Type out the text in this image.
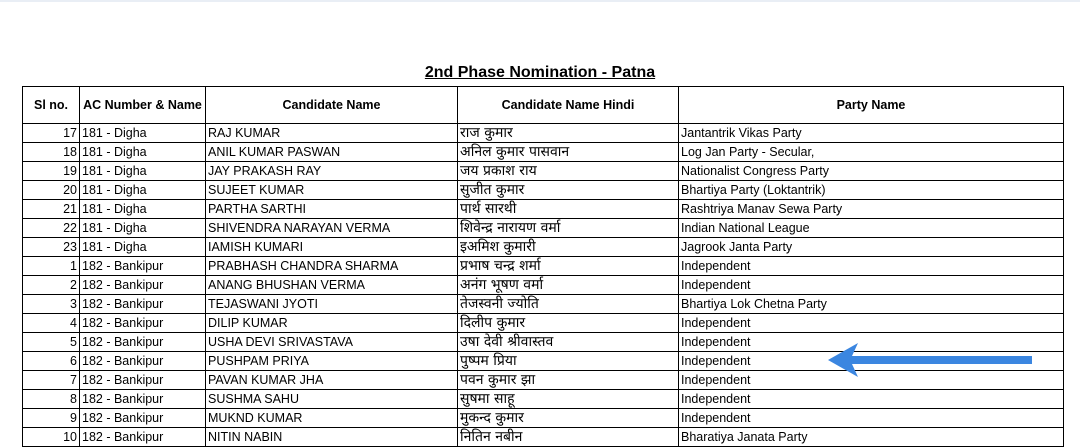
2nd Phase Nomination - Patna
Sl no.	AC Number & Name	Candidate Name	Candidate Name Hindi	Party Name
17	181 - Digha	RAJ KUMAR	राज कुमार	Jantantrik Vikas Party
18	181 - Digha	ANIL KUMAR PASWAN	अनिल कुमार पासवान	Log Jan Party - Secular,
19	181 - Digha	JAY PRAKASH RAY	जय प्रकाश राय	Nationalist Congress Party
20	181 - Digha	SUJEET KUMAR	सुजीत कुमार	Bhartiya Party (Loktantrik)
21	181 - Digha	PARTHA SARTHI	पार्थ सारथी	Rashtriya Manav Sewa Party
22	181 - Digha	SHIVENDRA NARAYAN VERMA	शिवेन्द्र नारायण वर्मा	Indian National League
23	181 - Digha	IAMISH KUMARI	इअमिश कुमारी	Jagrook Janta Party
1	182 - Bankipur	PRABHASH CHANDRA SHARMA	प्रभाष चन्द्र शर्मा	Independent
2	182 - Bankipur	ANANG BHUSHAN VERMA	अनंग भूषण वर्मा	Independent
3	182 - Bankipur	TEJASWANI JYOTI	तेजस्वनी ज्योति	Bhartiya Lok Chetna Party
4	182 - Bankipur	DILIP KUMAR	दिलीप कुमार	Independent
5	182 - Bankipur	USHA DEVI SRIVASTAVA	उषा देवी श्रीवास्तव	Independent
6	182 - Bankipur	PUSHPAM PRIYA	पुष्पम प्रिया	Independent
7	182 - Bankipur	PAVAN KUMAR JHA	पवन कुमार झा	Independent
8	182 - Bankipur	SUSHMA SAHU	सुषमा साहू	Independent
9	182 - Bankipur	MUKND KUMAR	मुकन्द कुमार	Independent
10	182 - Bankipur	NITIN NABIN	नितिन नबीन	Bharatiya Janata Party
